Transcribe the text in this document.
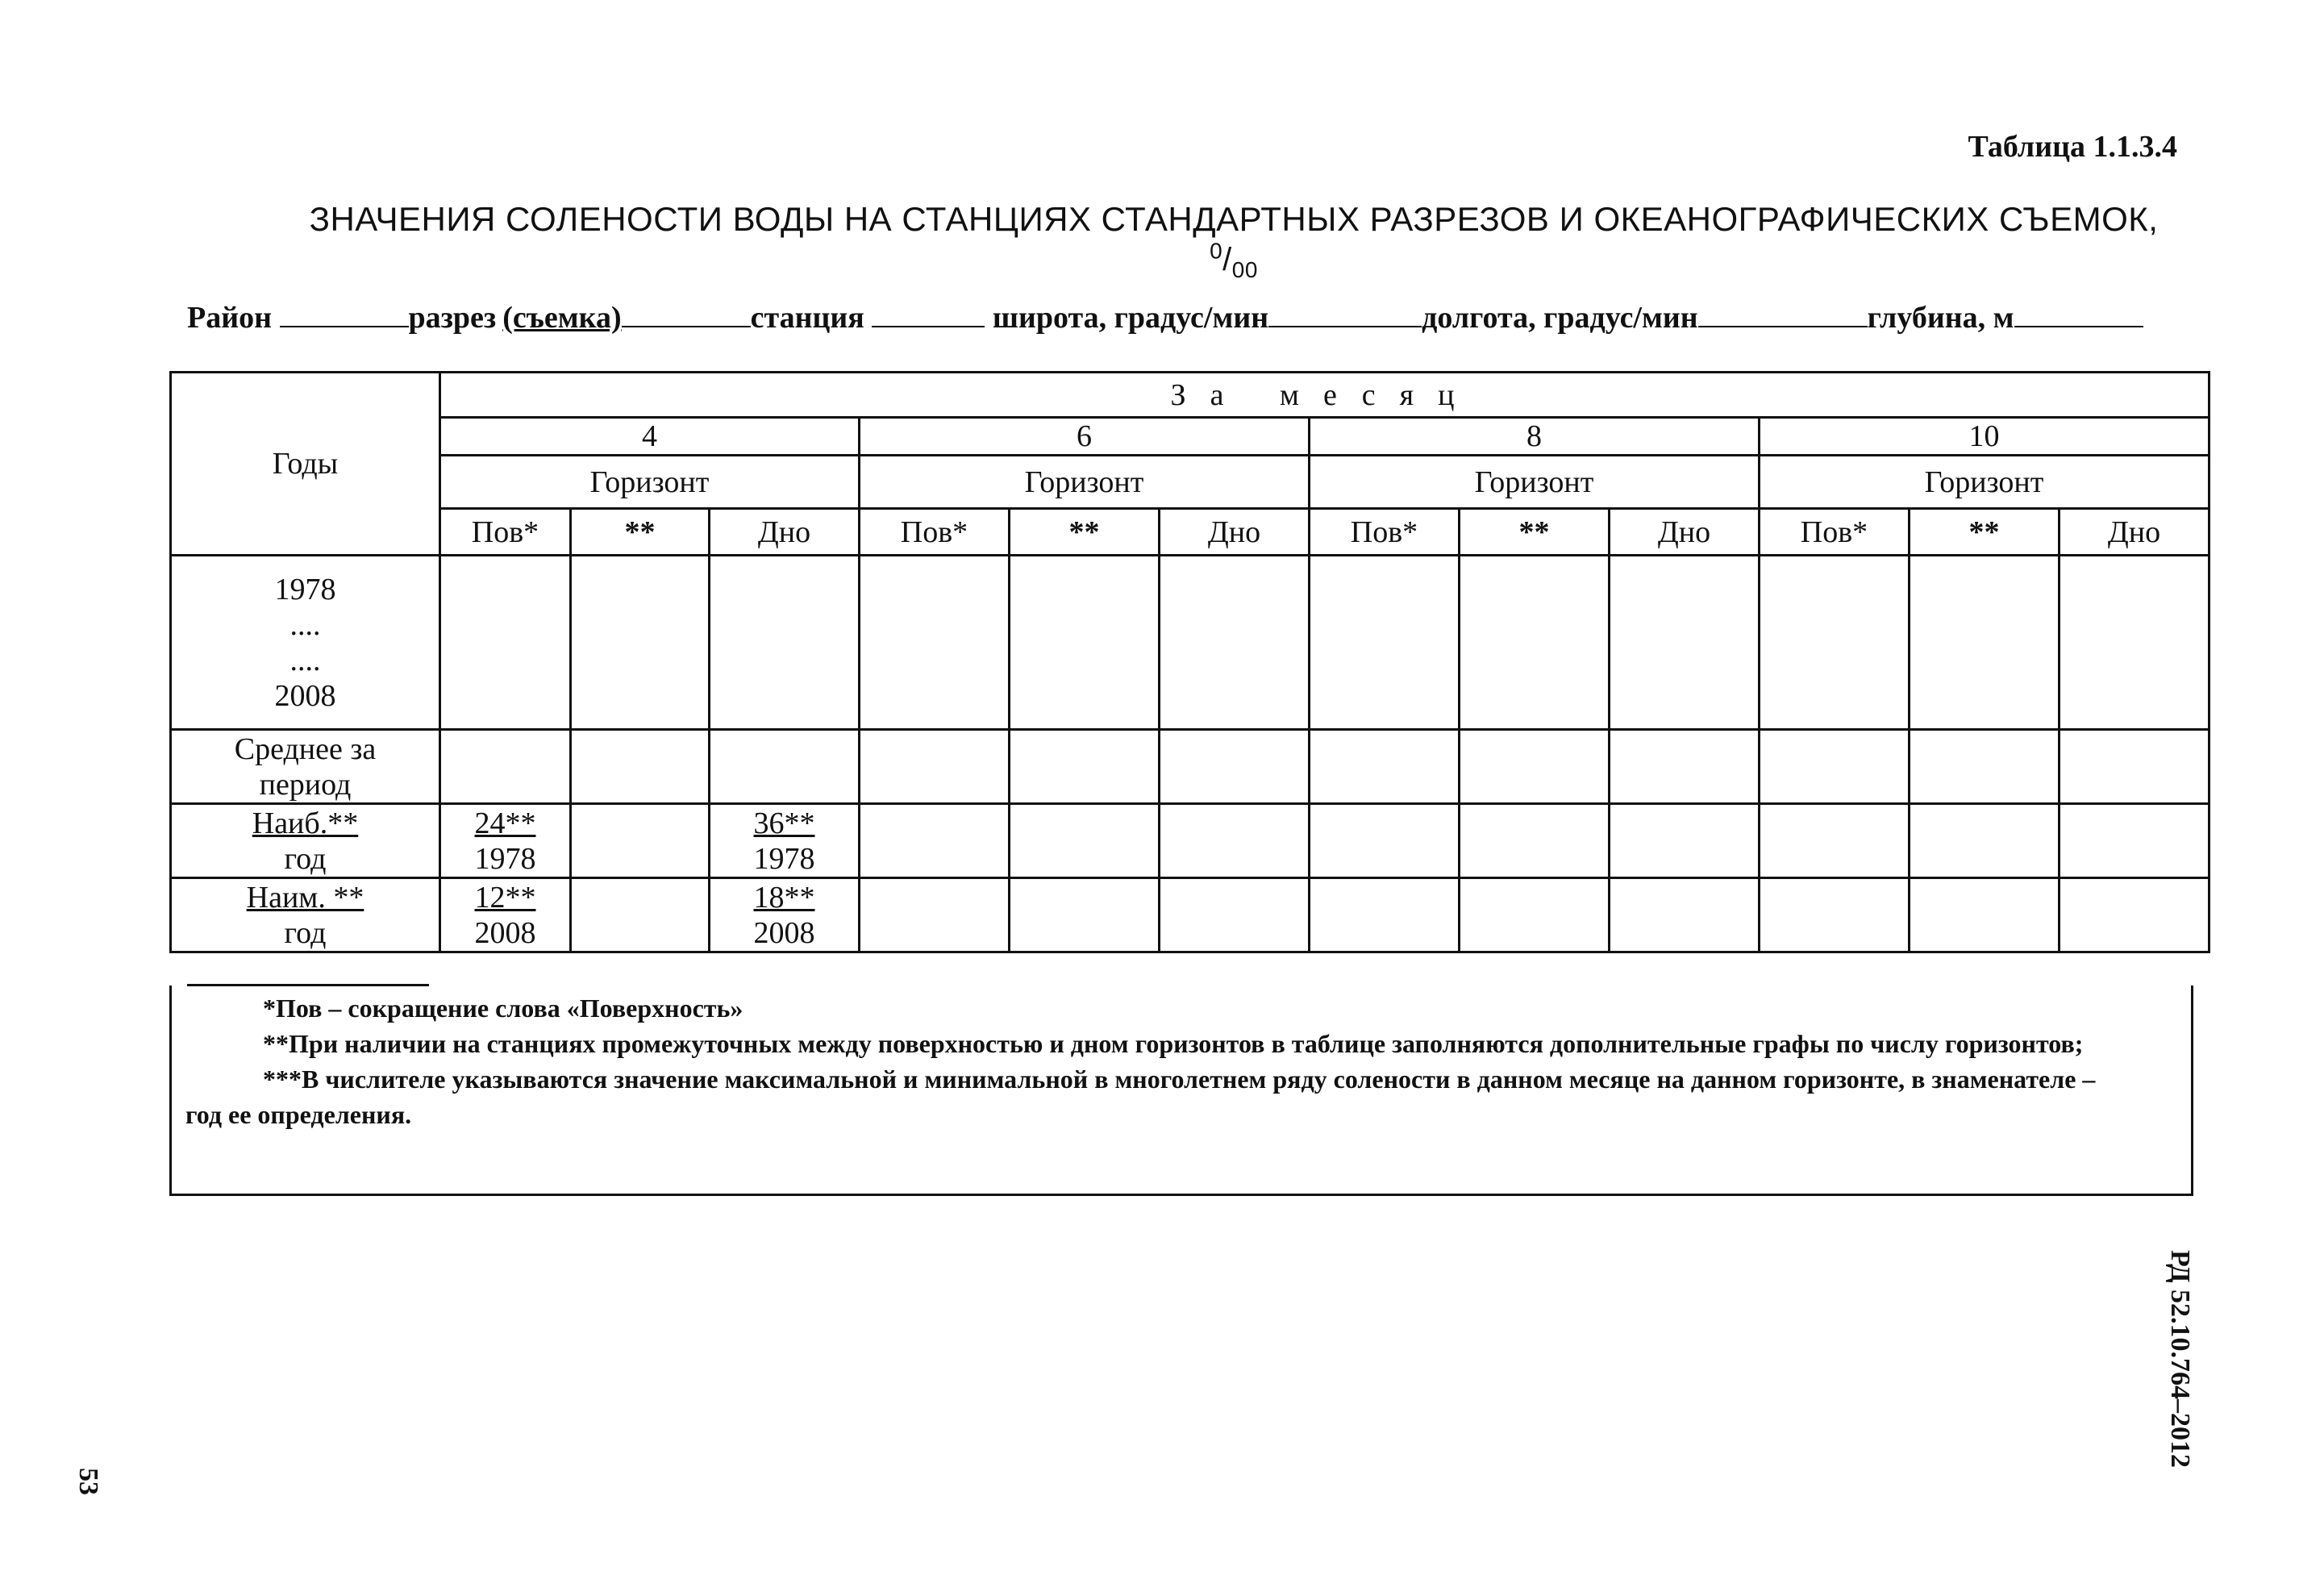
Таблица 1.1.3.4
ЗНАЧЕНИЯ СОЛЕНОСТИ ВОДЫ НА СТАНЦИЯХ СТАНДАРТНЫХ РАЗРЕЗОВ И ОКЕАНОГРАФИЧЕСКИХ СЪЕМОК, $^0/_{00}$
Район	разрез (съемка)	станция	широта, градус/мин	долгота, градус/мин	глубина, м
Годы	За месяц											
	4			6			8			10		
	Горизонт			Горизонт			Горизонт			Горизонт		
	Пов*	**	Дно	Пов*	**	Дно	Пов*	**	Дно	Пов*	**	Дно

1978
....
....
2008												

Среднее за
период												

$\frac{\text{Наиб.**}}{\text{год}}$	$\frac{24**}{1978}$		$\frac{36**}{1978}$									

$\frac{\text{Наим. **}}{\text{год}}$	$\frac{12**}{2008}$		$\frac{18**}{2008}$									

*Пов – сокращение слова «Поверхность»

**При наличии на станциях промежуточных между поверхностью и дном горизонтов в таблице заполняются дополнительные графы по числу горизонтов;

***В числителе указываются значение максимальной и минимальной в многолетнем ряду солености в данном месяце на данном горизонте, в знаменателе – год ее определения.

РД 52.10.764–2012
53
